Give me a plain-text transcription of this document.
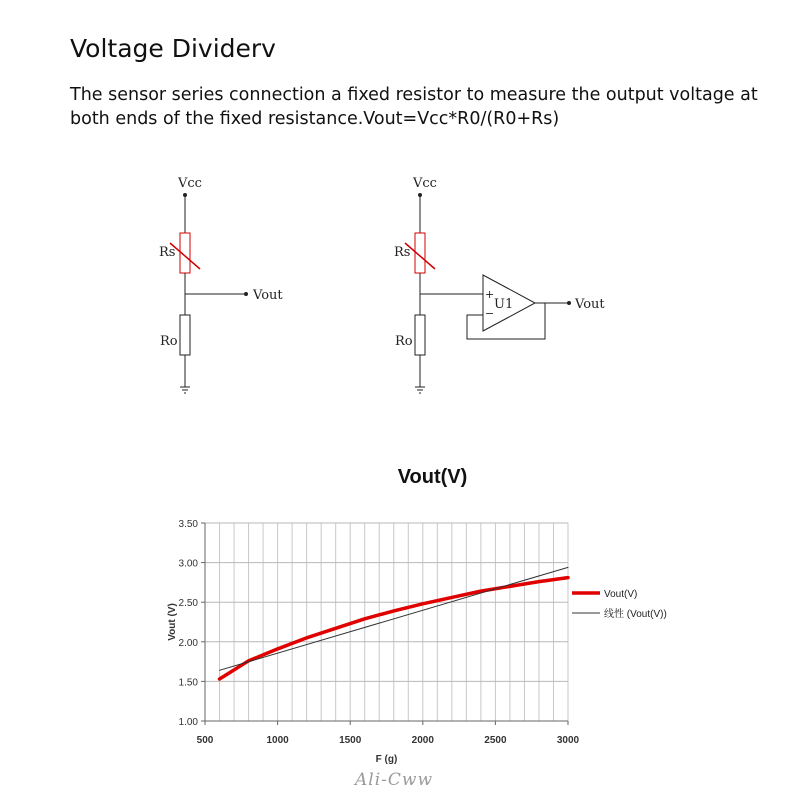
Voltage Dividerv
The sensor series connection a fixed resistor to measure the output voltage at both ends of the fixed resistance.Vout=Vcc*R0/(R0+Rs)
Vcc
Rs
Vout
Ro
Vcc
Rs
+
−
U1	Vout
Ro
Vout(V)
1.00
1.50
2.00
2.50
3.00
3.50
500	1000	1500	2000	2500	3000
F (g)
Vout (V)
Vout(V)
线性 (Vout(V))
Ali-Cww
